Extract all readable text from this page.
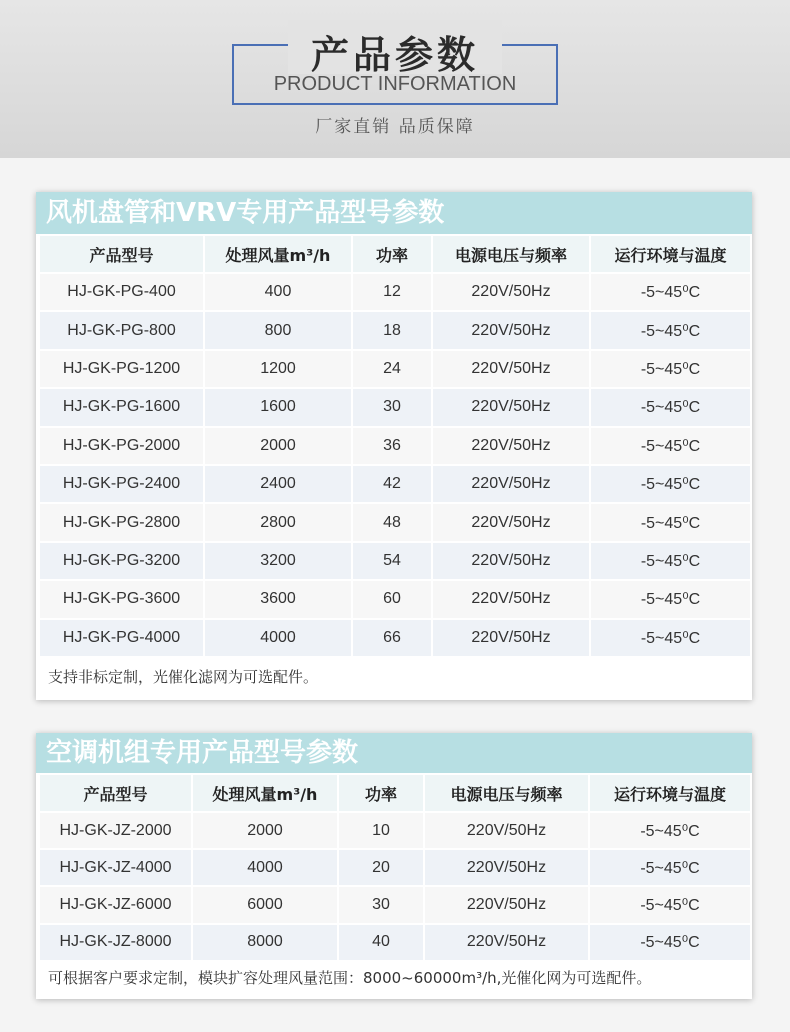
产品参数
PRODUCT INFORMATION
厂家直销 品质保障
风机盘管和VRV专用产品型号参数
产品型号	处理风量m³/h	功率	电源电压与频率	运行环境与温度
HJ-GK-PG-400	400	12	220V/50Hz	-5~45⁰C
HJ-GK-PG-800	800	18	220V/50Hz	-5~45⁰C
HJ-GK-PG-1200	1200	24	220V/50Hz	-5~45⁰C
HJ-GK-PG-1600	1600	30	220V/50Hz	-5~45⁰C
HJ-GK-PG-2000	2000	36	220V/50Hz	-5~45⁰C
HJ-GK-PG-2400	2400	42	220V/50Hz	-5~45⁰C
HJ-GK-PG-2800	2800	48	220V/50Hz	-5~45⁰C
HJ-GK-PG-3200	3200	54	220V/50Hz	-5~45⁰C
HJ-GK-PG-3600	3600	60	220V/50Hz	-5~45⁰C
HJ-GK-PG-4000	4000	66	220V/50Hz	-5~45⁰C
支持非标定制，光催化滤网为可选配件。
空调机组专用产品型号参数
产品型号	处理风量m³/h	功率	电源电压与频率	运行环境与温度
HJ-GK-JZ-2000	2000	10	220V/50Hz	-5~45⁰C
HJ-GK-JZ-4000	4000	20	220V/50Hz	-5~45⁰C
HJ-GK-JZ-6000	6000	30	220V/50Hz	-5~45⁰C
HJ-GK-JZ-8000	8000	40	220V/50Hz	-5~45⁰C
可根据客户要求定制，模块扩容处理风量范围：8000~60000m³/h,光催化网为可选配件。
